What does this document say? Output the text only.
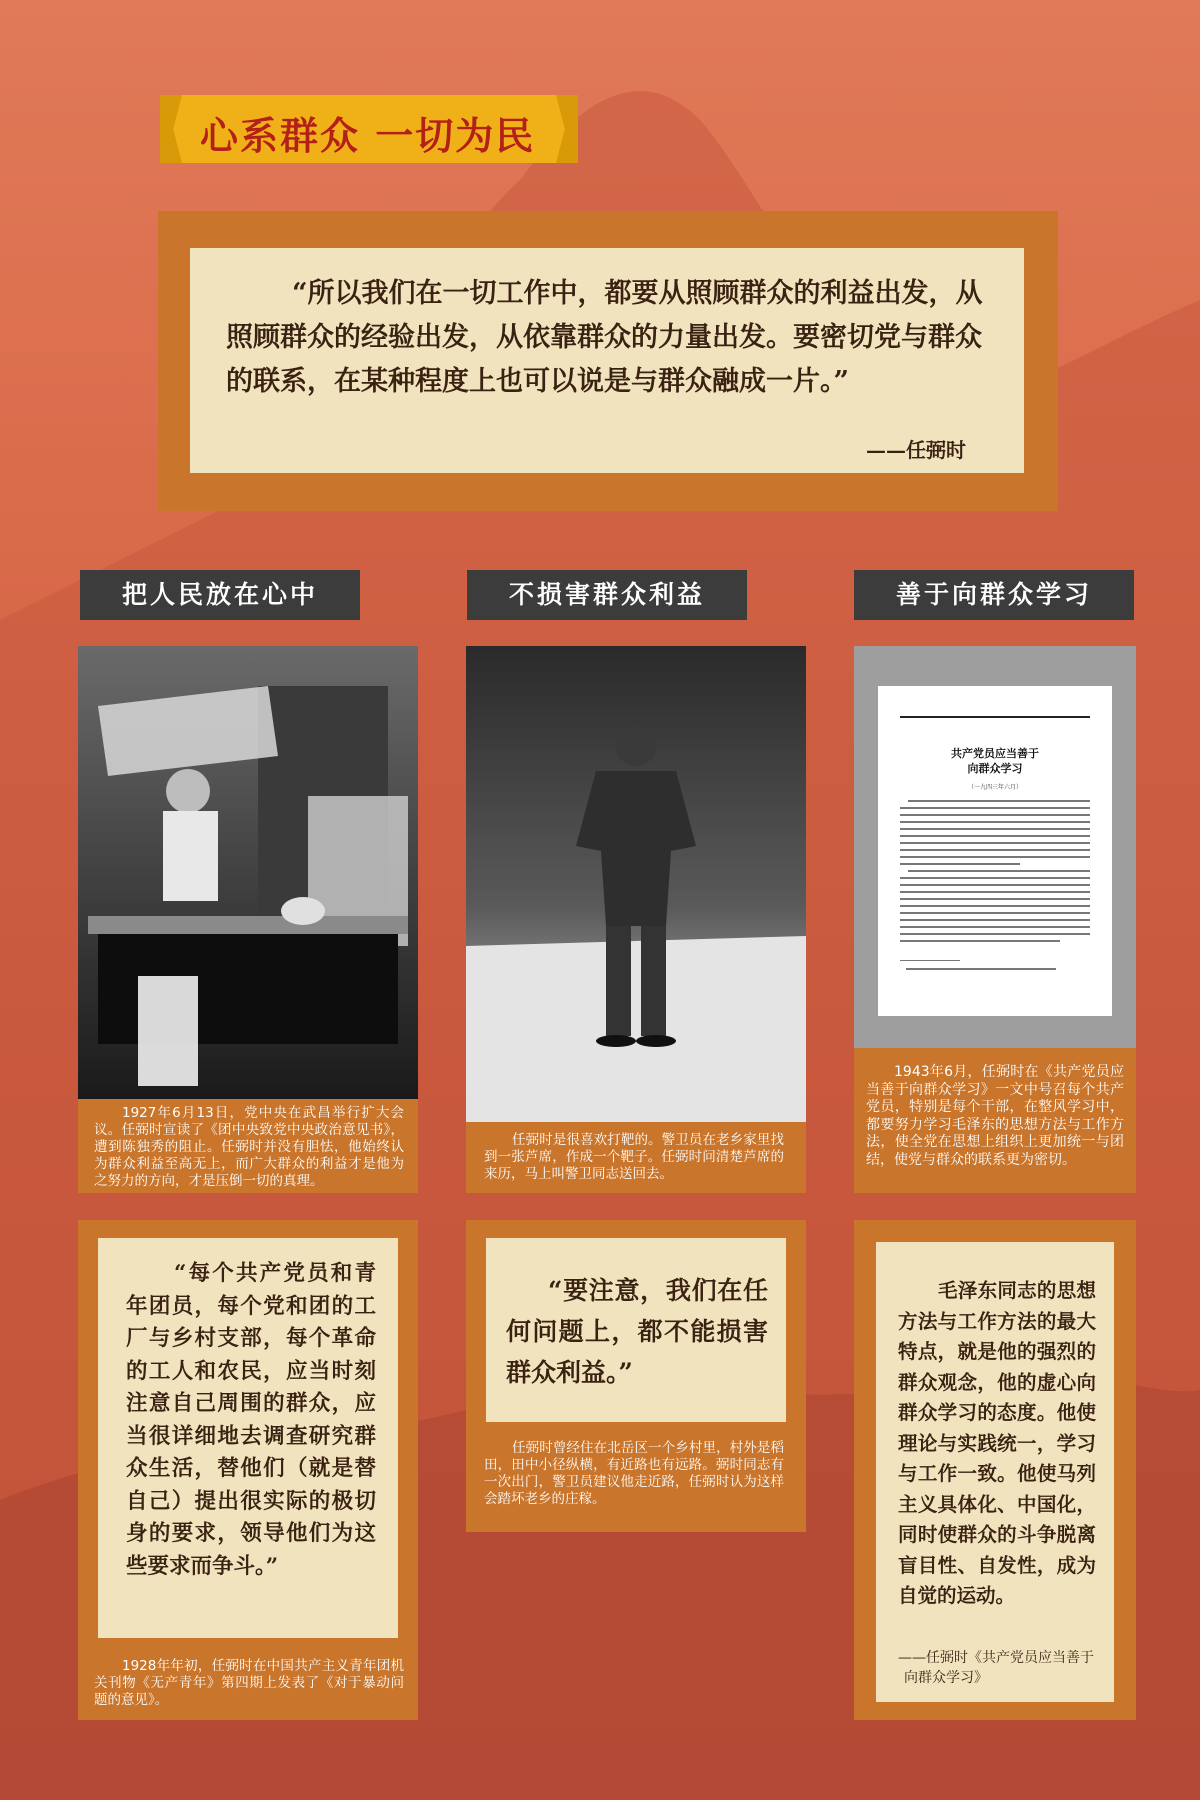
心系群众 一切为民
“所以我们在一切工作中，都要从照顾群众的利益出发，从照顾群众的经验出发，从依靠群众的力量出发。要密切党与群众的联系，在某种程度上也可以说是与群众融成一片。”
——任弼时
把人民放在心中	不损害群众利益	善于向群众学习
1927年6月13日，党中央在武昌举行扩大会议。任弼时宣读了《团中央致党中央政治意见书》，遭到陈独秀的阻止。任弼时并没有胆怯，他始终认为群众利益至高无上，而广大群众的利益才是他为之努力的方向，才是压倒一切的真理。
任弼时是很喜欢打靶的。警卫员在老乡家里找到一张芦席，作成一个靶子。任弼时问清楚芦席的来历，马上叫警卫同志送回去。
共产党员应当善于
向群众学习
（一九四三年六月）
1943年6月，任弼时在《共产党员应当善于向群众学习》一文中号召每个共产党员，特别是每个干部，在整风学习中，都要努力学习毛泽东的思想方法与工作方法，使全党在思想上组织上更加统一与团结，使党与群众的联系更为密切。
“每个共产党员和青年团员，每个党和团的工厂与乡村支部，每个革命的工人和农民，应当时刻注意自己周围的群众，应当很详细地去调查研究群众生活，替他们（就是替自己）提出很实际的极切身的要求，领导他们为这些要求而争斗。”
1928年年初，任弼时在中国共产主义青年团机关刊物《无产青年》第四期上发表了《对于暴动问题的意见》。
“要注意，我们在任何问题上，都不能损害群众利益。”
任弼时曾经住在北岳区一个乡村里，村外是稻田，田中小径纵横，有近路也有远路。弼时同志有一次出门，警卫员建议他走近路，任弼时认为这样会踏坏老乡的庄稼。
毛泽东同志的思想方法与工作方法的最大特点，就是他的强烈的群众观念，他的虚心向群众学习的态度。他使理论与实践统一，学习与工作一致。他使马列主义具体化、中国化，同时使群众的斗争脱离盲目性、自发性，成为自觉的运动。
——任弼时《共产党员应当善于向群众学习》
